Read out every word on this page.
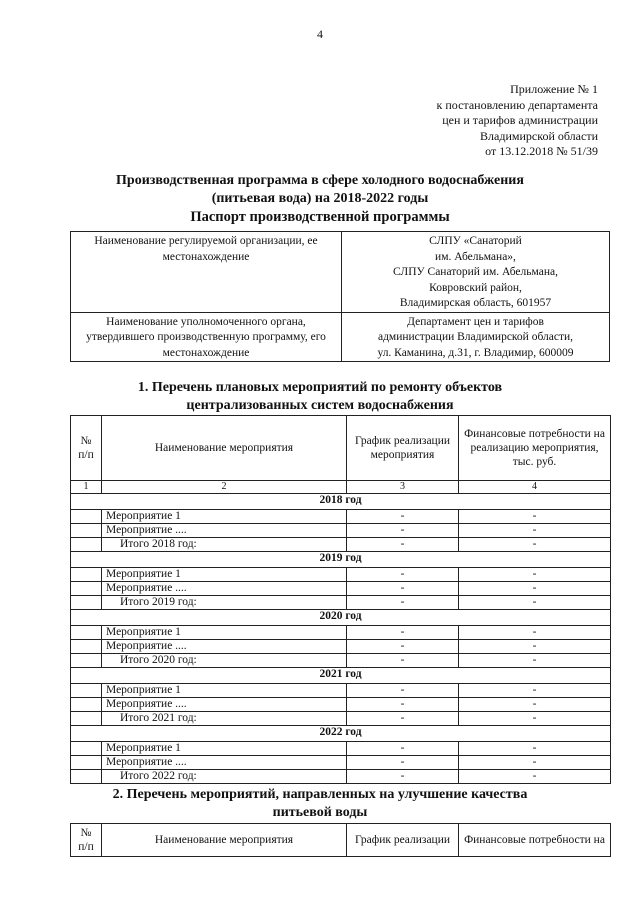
4
Приложение № 1
к постановлению департамента
цен и тарифов администрации
Владимирской области
от 13.12.2018 № 51/39
Производственная программа в сфере холодного водоснабжения
(питьевая вода) на 2018-2022 годы
Паспорт производственной программы
Наименование регулируемой организации, ее местонахождение	СЛПУ «Санаторий
им. Абельмана»,
СЛПУ Санаторий им. Абельмана,
Ковровский район,
Владимирская область, 601957

Наименование уполномоченного органа, утвердившего производственную программу, его местонахождение	Департамент цен и тарифов
администрации Владимирской области,
ул. Каманина, д.31, г. Владимир, 600009
1. Перечень плановых мероприятий по ремонту объектов
централизованных систем водоснабжения
№ п/п	Наименование мероприятия	График реализации мероприятия	Финансовые потребности на реализацию мероприятия, тыс. руб.
1	2	3	4
2018 год			
	Мероприятие 1	-	-
	Мероприятие ....	-	-
	Итого 2018 год:	-	-
2019 год			
	Мероприятие 1	-	-
	Мероприятие ....	-	-
	Итого 2019 год:	-	-
2020 год			
	Мероприятие 1	-	-
	Мероприятие ....	-	-
	Итого 2020 год:	-	-
2021 год			
	Мероприятие 1	-	-
	Мероприятие ....	-	-
	Итого 2021 год:	-	-
2022 год			
	Мероприятие 1	-	-
	Мероприятие ....	-	-
	Итого 2022 год:	-	-
2. Перечень мероприятий, направленных на улучшение качества
питьевой воды
№ п/п	Наименование мероприятия	График реализации	Финансовые потребности на
